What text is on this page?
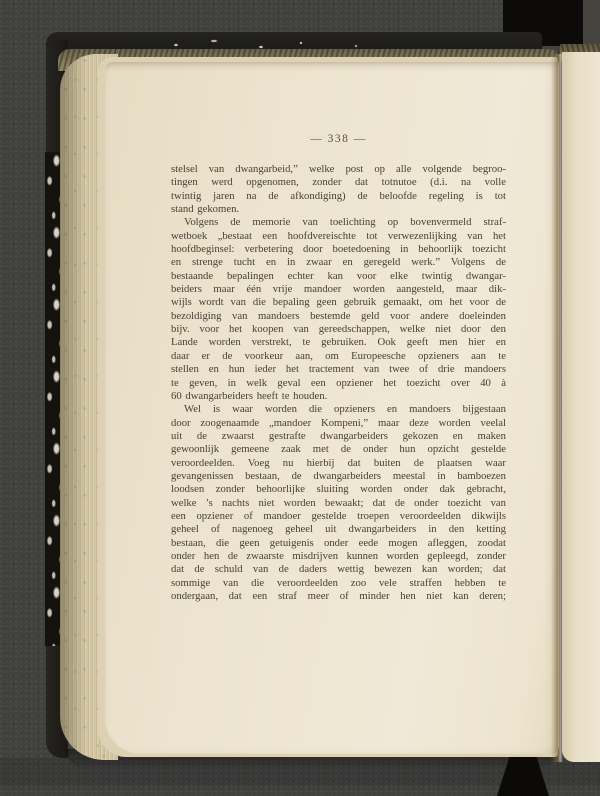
— 338 —
stelsel van dwangarbeid,” welke post op alle volgende begroo-
tingen werd opgenomen, zonder dat totnutoe (d.i. na volle
twintig jaren na de afkondiging) de beloofde regeling is tot
stand gekomen.
Volgens de memorie van toelichting op bovenvermeld straf-
wetboek „bestaat een hoofdvereischte tot verwezenlijking van het
hoofdbeginsel: verbetering door boetedoening in behoorlijk toezicht
en strenge tucht en in zwaar en geregeld werk.” Volgens de
bestaande bepalingen echter kan voor elke twintig dwangar-
beiders maar één vrije mandoer worden aangesteld, maar dik-
wijls wordt van die bepaling geen gebruik gemaakt, om het voor de
bezoldiging van mandoers bestemde geld voor andere doeleinden
bijv. voor het koopen van gereedschappen, welke niet door den
Lande worden verstrekt, te gebruiken. Ook geeft men hier en
daar er de voorkeur aan, om Europeesche opzieners aan te
stellen en hun ieder het tractement van twee of drie mandoers
te geven, in welk geval een opziener het toezicht over 40 à
60 dwangarbeiders heeft te houden.
Wel is waar worden die opzieners en mandoers bijgestaan
door zoogenaamde „mandoer Kompeni,” maar deze worden veelal
uit de zwaarst gestrafte dwangarbeiders gekozen en maken
gewoonlijk gemeene zaak met de onder hun opzicht gestelde
veroordeelden. Voeg nu hierbij dat buiten de plaatsen waar
gevangenissen bestaan, de dwangarbeiders meestal in bamboezen
loodsen zonder behoorlijke sluiting worden onder dak gebracht,
welke ’s nachts niet worden bewaakt; dat de onder toezicht van
een opziener of mandoer gestelde troepen veroordeelden dikwijls
geheel of nagenoeg geheel uit dwangarbeiders in den ketting
bestaan, die geen getuigenis onder eede mogen afleggen, zoodat
onder hen de zwaarste misdrijven kunnen worden gepleegd, zonder
dat de schuld van de daders wettig bewezen kan worden; dat
sommige van die veroordeelden zoo vele straffen hebben te
ondergaan, dat een straf meer of minder hen niet kan deren;
